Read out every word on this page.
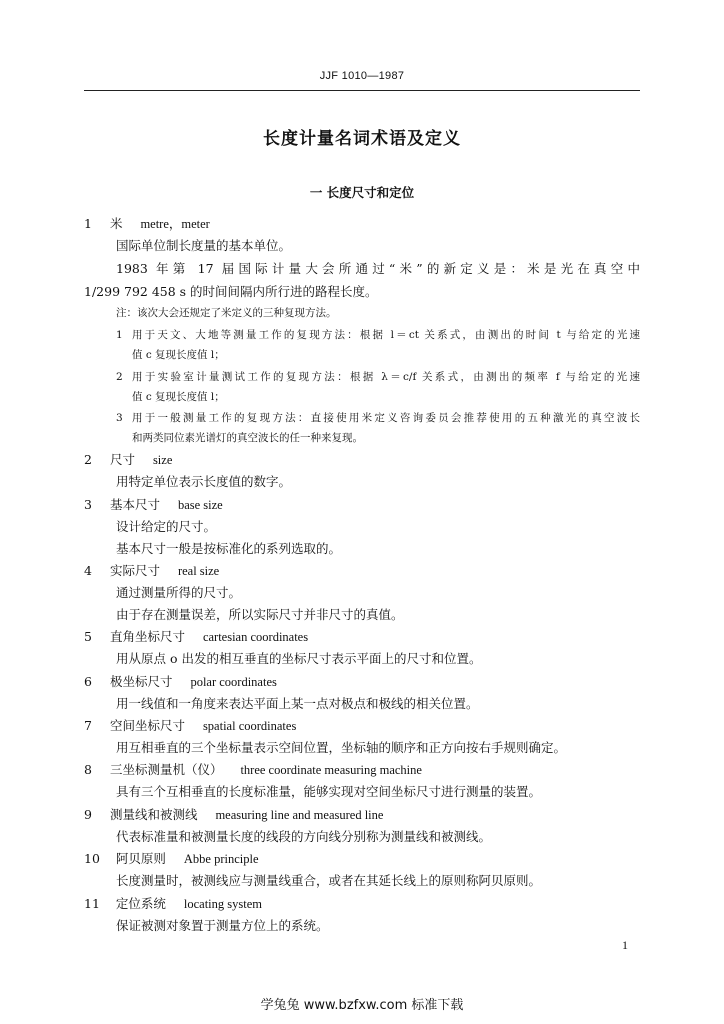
JJF 1010—1987
长度计量名词术语及定义
一 长度尺寸和定位
1 米 metre，meter
国际单位制长度量的基本单位。
1983 年第 17 届国际计量大会所通过“米”的新定义是：米是光在真空中
1/299 792 458 s 的时间间隔内所行进的路程长度。
注：该次大会还规定了米定义的三种复现方法。
1 用于天文、大地等测量工作的复现方法：根据 l＝ct 关系式，由测出的时间 t 与给定的光速
值 c 复现长度值 l；
2 用于实验室计量测试工作的复现方法：根据 λ＝c/f 关系式，由测出的频率 f 与给定的光速
值 c 复现长度值 l；
3 用于一般测量工作的复现方法：直接使用米定义咨询委员会推荐使用的五种激光的真空波长
和两类同位素光谱灯的真空波长的任一种来复现。
2 尺寸 size
用特定单位表示长度值的数字。
3 基本尺寸 base size
设计给定的尺寸。
基本尺寸一般是按标准化的系列选取的。
4 实际尺寸 real size
通过测量所得的尺寸。
由于存在测量误差，所以实际尺寸并非尺寸的真值。
5 直角坐标尺寸 cartesian coordinates
用从原点 o 出发的相互垂直的坐标尺寸表示平面上的尺寸和位置。
6 极坐标尺寸 polar coordinates
用一线值和一角度来表达平面上某一点对极点和极线的相关位置。
7 空间坐标尺寸 spatial coordinates
用互相垂直的三个坐标量表示空间位置，坐标轴的顺序和正方向按右手规则确定。
8 三坐标测量机（仪） three coordinate measuring machine
具有三个互相垂直的长度标准量，能够实现对空间坐标尺寸进行测量的装置。
9 测量线和被测线 measuring line and measured line
代表标准量和被测量长度的线段的方向线分别称为测量线和被测线。
10 阿贝原则 Abbe principle
长度测量时，被测线应与测量线重合，或者在其延长线上的原则称阿贝原则。
11 定位系统 locating system
保证被测对象置于测量方位上的系统。
1
学兔兔 www.bzfxw.com 标准下载
